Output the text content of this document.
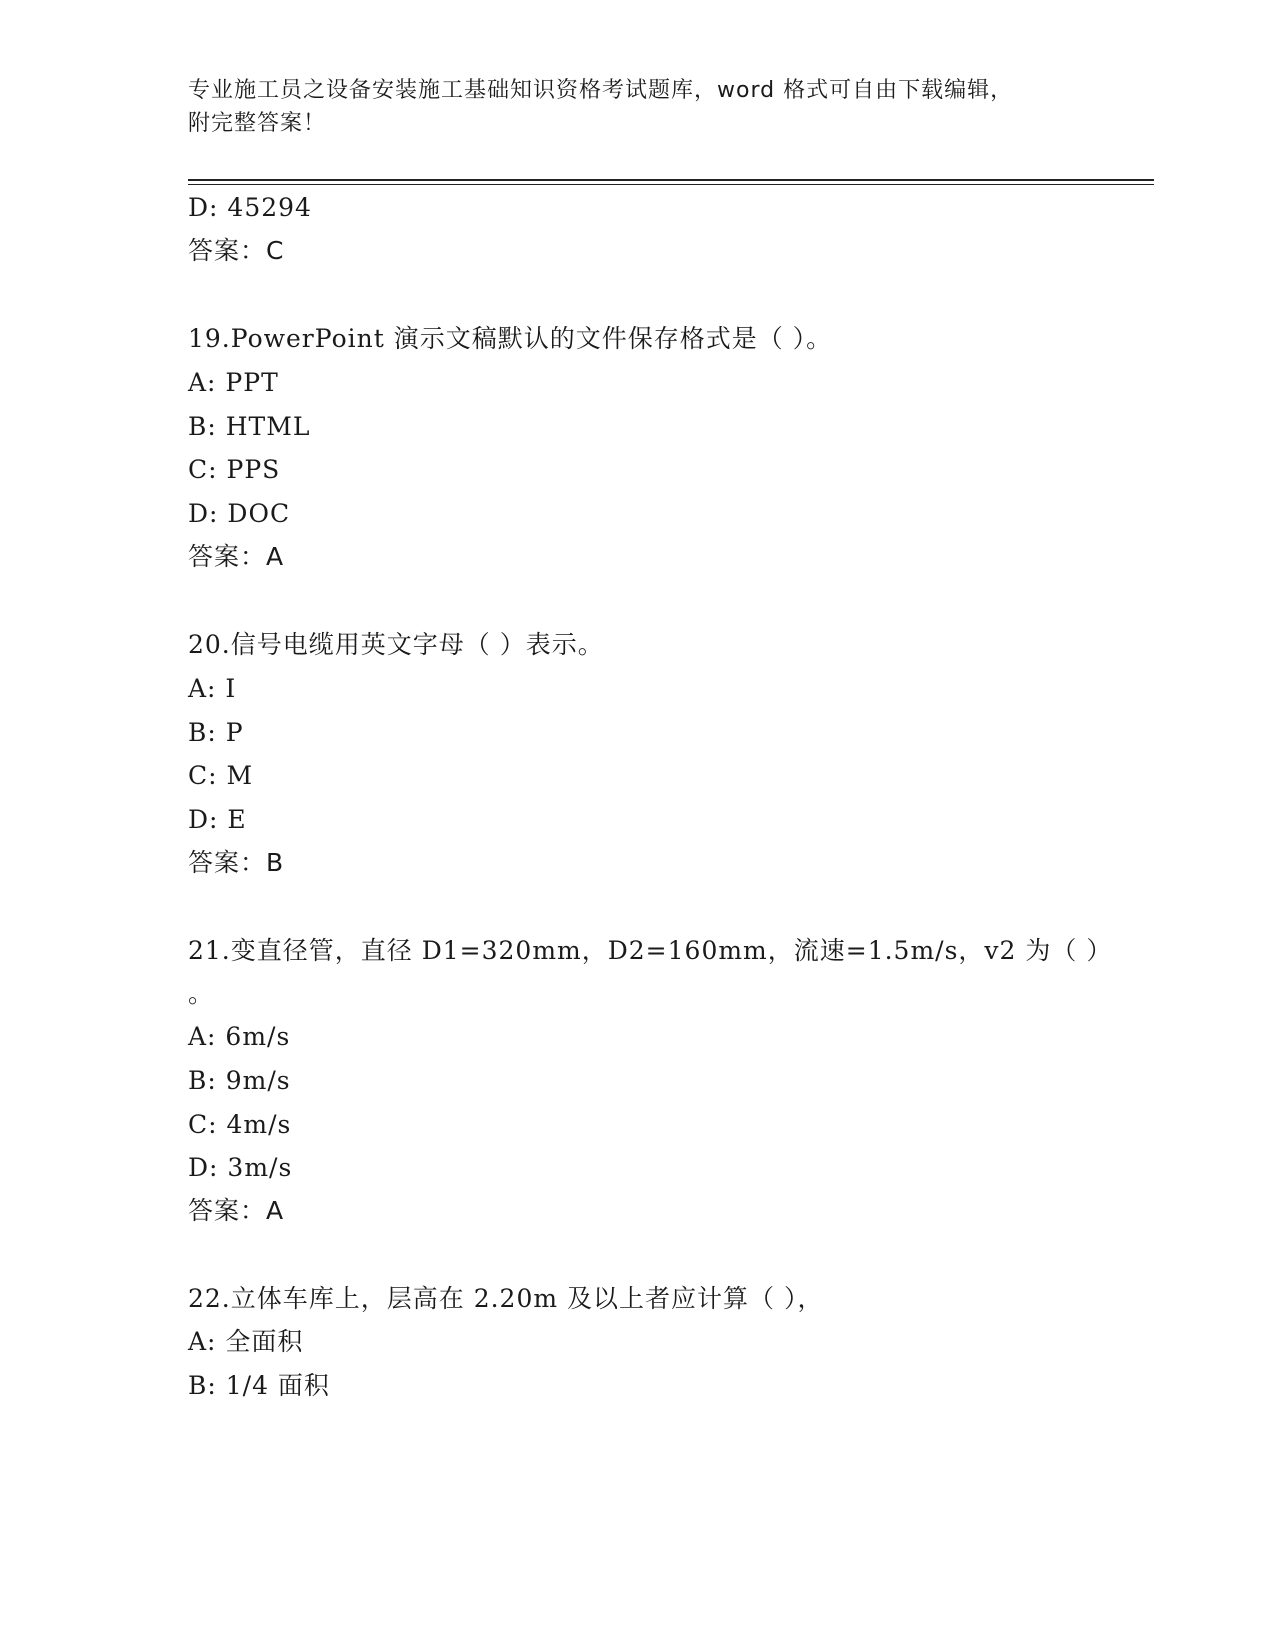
专业施工员之设备安装施工基础知识资格考试题库，word 格式可自由下载编辑，
附完整答案！
D: 45294
答案：C
19.PowerPoint 演示文稿默认的文件保存格式是（ ）。
A: PPT
B: HTML
C: PPS
D: DOC
答案：A
20.信号电缆用英文字母（ ）表示。
A: I
B: P
C: M
D: E
答案：B
21.变直径管，直径 D1=320mm，D2=160mm，流速=1.5m/s，v2 为（ ）
。
A: 6m/s
B: 9m/s
C: 4m/s
D: 3m/s
答案：A
22.立体车库上，层高在 2.20m 及以上者应计算（ ），
A: 全面积
B: 1/4 面积
